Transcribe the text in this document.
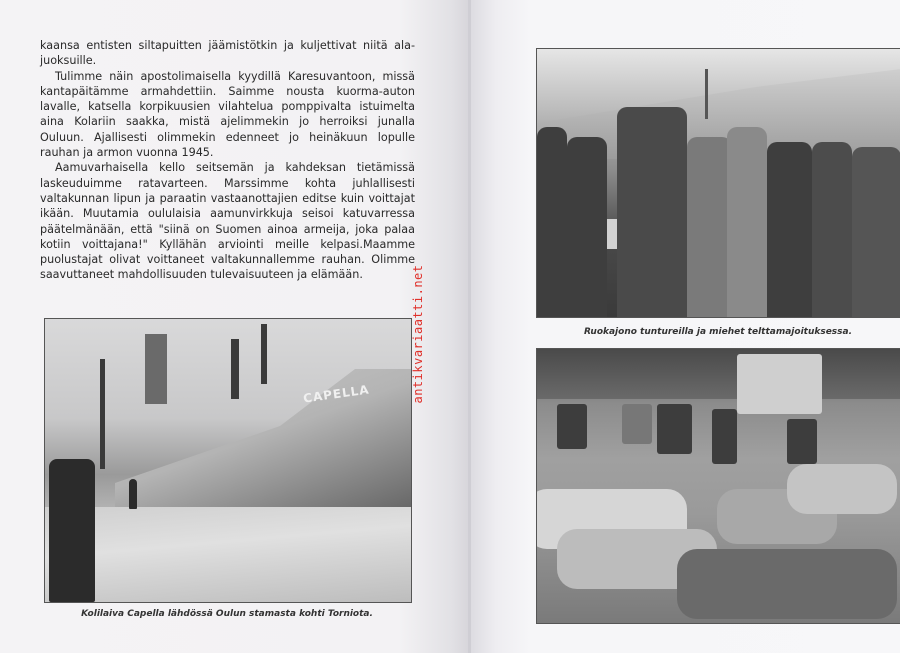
kaansa entisten siltapuitten jäämistötkin ja kuljettivat niitä ala-juoksuille.

Tulimme näin apostolimaisella kyydillä Karesuvantoon, missä kantapäitämme armahdettiin. Saimme nousta kuorma-auton lavalle, katsella korpikuusien vilahtelua pomppivalta istuimelta aina Kolariin saakka, mistä ajelimmekin jo herroiksi junalla Ouluun. Ajallisesti olimmekin edenneet jo heinäkuun lopulle rauhan ja armon vuonna 1945.

Aamuvarhaisella kello seitsemän ja kahdeksan tietämissä laskeuduimme ratavarteen. Marssimme kohta juhlallisesti valtakunnan lipun ja paraatin vastaanottajien editse kuin voittajat ikään. Muutamia oululaisia aamunvirkkuja seisoi katuvarressa päätelmänään, että "siinä on Suomen ainoa armeija, joka palaa kotiin voittajana!" Kyllähän arviointi meille kelpasi.Maamme puolustajat olivat voittaneet valtakunnallemme rauhan. Olimme saavuttaneet mahdollisuuden tulevaisuuteen ja elämään.

CAPELLA
Kolilaiva Capella lähdössä Oulun stamasta kohti Torniota.
antikvariaatti.net	Ruokajono tuntureilla ja miehet telttamajoituksessa.
